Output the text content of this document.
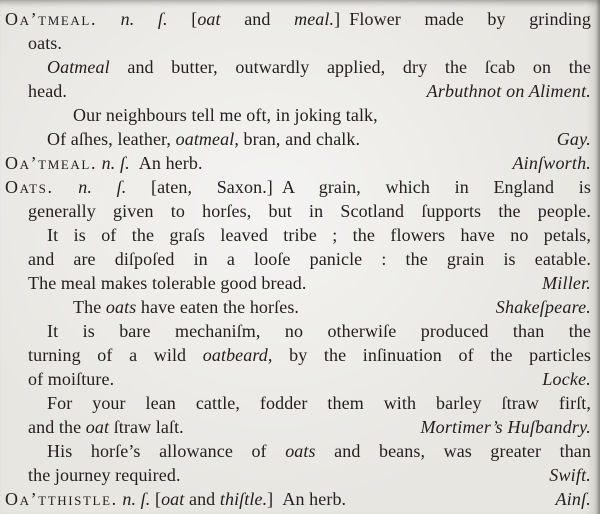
Oa’tmeal. n. ſ. [oat and meal.] Flower made by grinding
oats.
Oatmeal and butter, outwardly applied, dry the ſcab on the
Arbuthnot on Aliment.
head.
Our neighbours tell me oft, in joking talk,
Gay.
Of aſhes, leather, oatmeal, bran, and chalk.
Ainſworth.
Oa’tmeal. n. ſ. An herb.
Oats. n. ſ. [aten, Saxon.] A grain, which in England is
generally given to horſes, but in Scotland ſupports the people.
It is of the graſs leaved tribe ; the flowers have no petals,
and are diſpoſed in a looſe panicle : the grain is eatable.
Miller.
The meal makes tolerable good bread.
Shakeſpeare.
The oats have eaten the horſes.
It is bare mechaniſm, no otherwiſe produced than the
turning of a wild oatbeard, by the inſinuation of the particles
Locke.
of moiſture.
For your lean cattle, fodder them with barley ſtraw firſt,
Mortimer’s Huſbandry.
and the oat ſtraw laſt.
His horſe’s allowance of oats and beans, was greater than
Swift.
the journey required.
Ainſ.
Oa’tthistle. n. ſ. [oat and thiſtle.] An herb.
